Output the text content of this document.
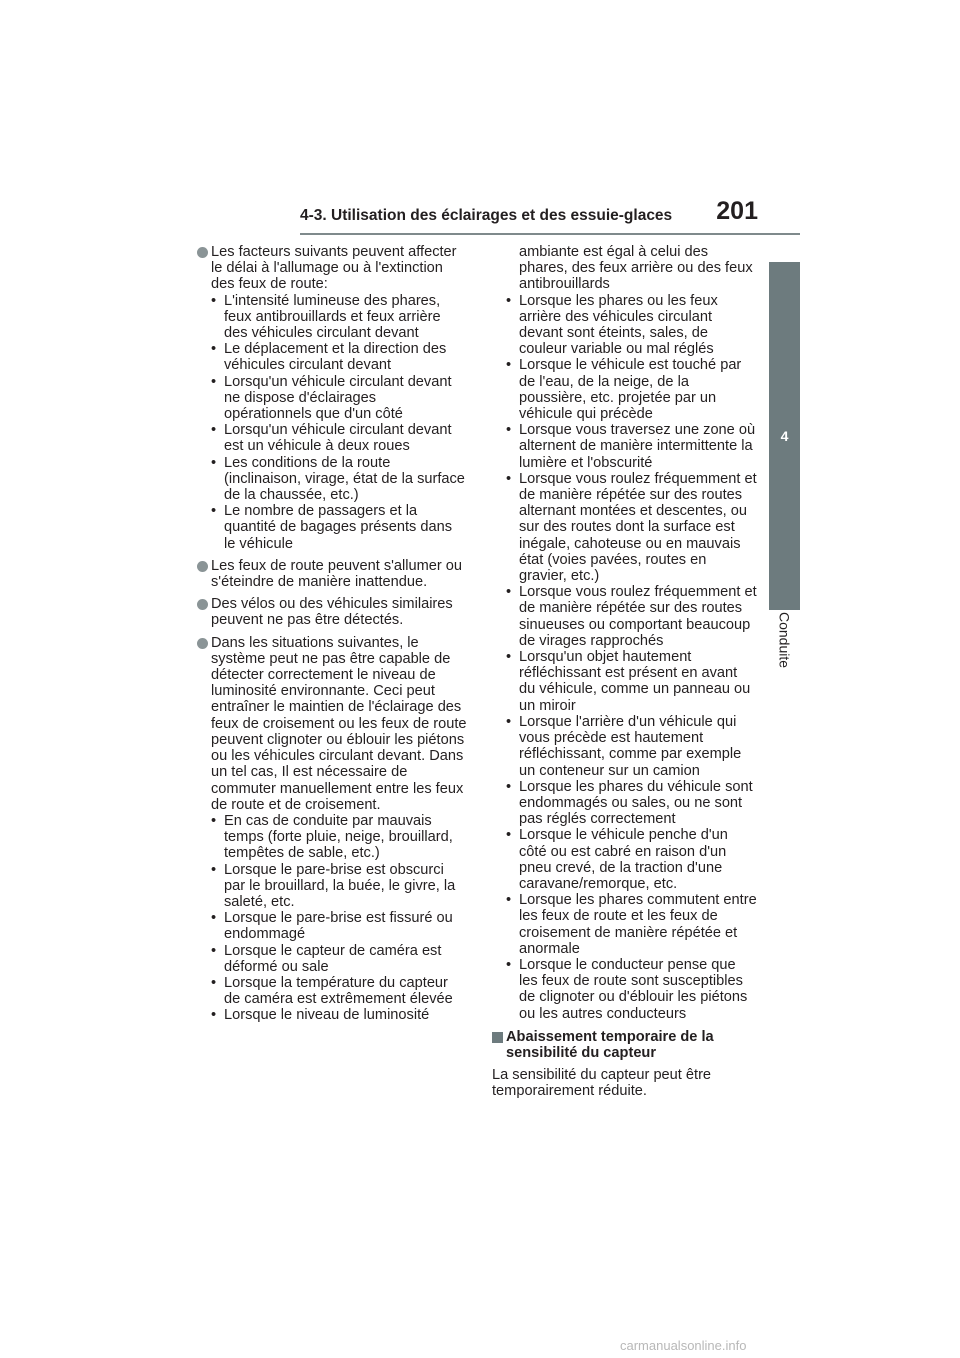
4-3. Utilisation des éclairages et des essuie-glaces 201
4
Conduite
Les facteurs suivants peuvent affecter le délai à l'allumage ou à l'extinction des feux de route:

• L'intensité lumineuse des phares, feux antibrouillards et feux arrière des véhicules circulant devant

• Le déplacement et la direction des véhicules circulant devant

• Lorsqu'un véhicule circulant devant ne dispose d'éclairages opérationnels que d'un côté

• Lorsqu'un véhicule circulant devant est un véhicule à deux roues

• Les conditions de la route (inclinaison, virage, état de la surface de la chaussée, etc.)

• Le nombre de passagers et la quantité de bagages présents dans le véhicule

Les feux de route peuvent s'allumer ou s'éteindre de manière inattendue.
Des vélos ou des véhicules similaires peuvent ne pas être détectés.
Dans les situations suivantes, le système peut ne pas être capable de détecter correctement le niveau de luminosité environnante. Ceci peut entraîner le maintien de l'éclairage des feux de croisement ou les feux de route peuvent clignoter ou éblouir les piétons ou les véhicules circulant devant. Dans un tel cas, Il est nécessaire de commuter manuellement entre les feux de route et de croisement.

• En cas de conduite par mauvais temps (forte pluie, neige, brouillard, tempêtes de sable, etc.)

• Lorsque le pare-brise est obscurci par le brouillard, la buée, le givre, la saleté, etc.

• Lorsque le pare-brise est fissuré ou endommagé

• Lorsque le capteur de caméra est déformé ou sale

• Lorsque la température du capteur de caméra est extrêmement élevée

• Lorsque le niveau de luminosité

ambiante est égal à celui des phares, des feux arrière ou des feux antibrouillards

• Lorsque les phares ou les feux arrière des véhicules circulant devant sont éteints, sales, de couleur variable ou mal réglés

• Lorsque le véhicule est touché par de l'eau, de la neige, de la poussière, etc. projetée par un véhicule qui précède

• Lorsque vous traversez une zone où alternent de manière intermittente la lumière et l'obscurité

• Lorsque vous roulez fréquemment et de manière répétée sur des routes alternant montées et descentes, ou sur des routes dont la surface est inégale, cahoteuse ou en mauvais état (voies pavées, routes en gravier, etc.)

• Lorsque vous roulez fréquemment et de manière répétée sur des routes sinueuses ou comportant beaucoup de virages rapprochés

• Lorsqu'un objet hautement réfléchissant est présent en avant du véhicule, comme un panneau ou un miroir

• Lorsque l'arrière d'un véhicule qui vous précède est hautement réfléchissant, comme par exemple un conteneur sur un camion

• Lorsque les phares du véhicule sont endommagés ou sales, ou ne sont pas réglés correctement

• Lorsque le véhicule penche d'un côté ou est cabré en raison d'un pneu crevé, de la traction d'une caravane/remorque, etc.

• Lorsque les phares commutent entre les feux de route et les feux de croisement de manière répétée et anormale

• Lorsque le conducteur pense que les feux de route sont susceptibles de clignoter ou d'éblouir les piétons ou les autres conducteurs

Abaissement temporaire de la sensibilité du capteur

La sensibilité du capteur peut être temporairement réduite.

carmanualsonline.info
